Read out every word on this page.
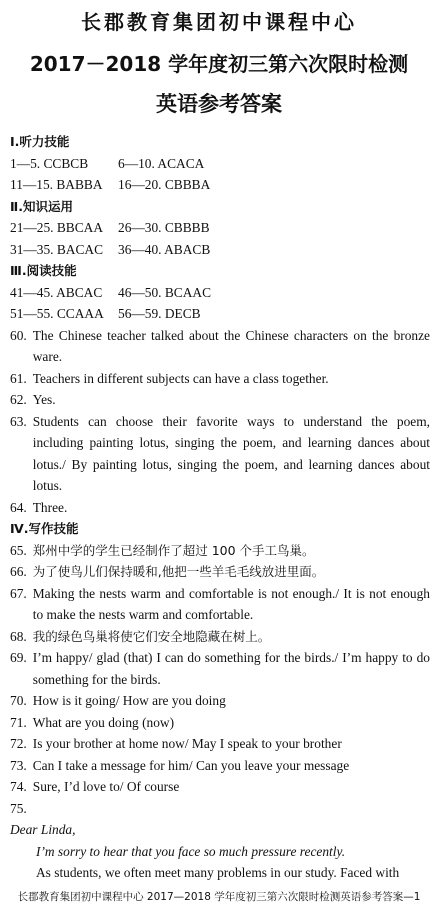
长郡教育集团初中课程中心
2017－2018 学年度初三第六次限时检测
英语参考答案
Ⅰ.听力技能
1—5. CCBCB 6—10. ACACA
11—15. BABBA 16—20. CBBBA
Ⅱ.知识运用
21—25. BBCAA 26—30. CBBBB
31—35. BACAC 36—40. ABACB
Ⅲ.阅读技能
41—45. ABCAC 46—50. BCAAC
51—55. CCAAA 56—59. DECB
60. The Chinese teacher talked about the Chinese characters on the bronze ware.
61. Teachers in different subjects can have a class together.
62. Yes.
63. Students can choose their favorite ways to understand the poem, including painting lotus, singing the poem, and learning dances about lotus./ By painting lotus, singing the poem, and learning dances about lotus.
64. Three.
Ⅳ.写作技能
65. 郑州中学的学生已经制作了超过 100 个手工鸟巢。
66. 为了使鸟儿们保持暖和,他把一些羊毛毛线放进里面。
67. Making the nests warm and comfortable is not enough./ It is not enough to make the nests warm and comfortable.
68. 我的绿色鸟巢将使它们安全地隐藏在树上。
69. I’m happy/ glad (that) I can do something for the birds./ I’m happy to do something for the birds.
70. How is it going/ How are you doing
71. What are you doing (now)
72. Is your brother at home now/ May I speak to your brother
73. Can I take a message for him/ Can you leave your message
74. Sure, I’d love to/ Of course
75.
Dear Linda,
I’m sorry to hear that you face so much pressure recently.
As students, we often meet many problems in our study. Faced with
长郡教育集团初中课程中心 2017—2018 学年度初三第六次限时检测英语参考答案—1
